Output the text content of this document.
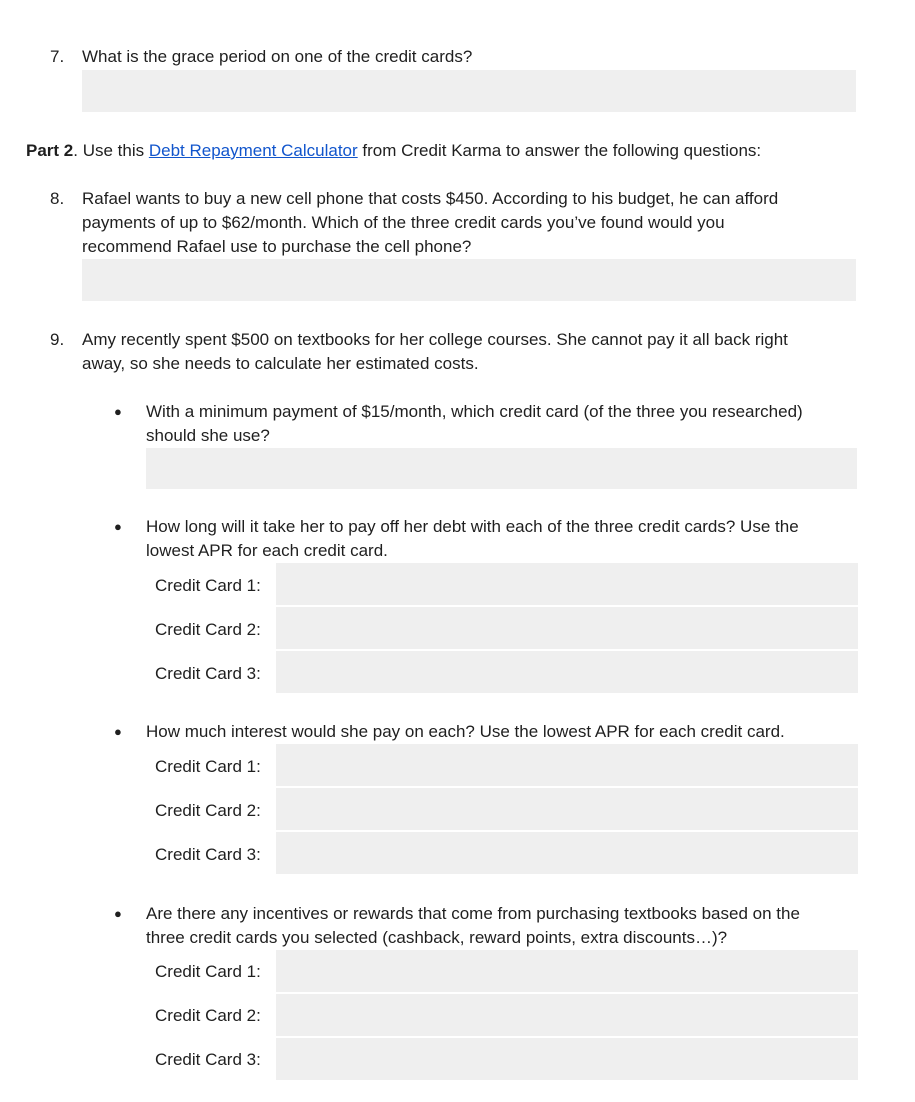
7. What is the grace period on one of the credit cards?
Part 2. Use this Debt Repayment Calculator from Credit Karma to answer the following questions:
8. Rafael wants to buy a new cell phone that costs $450. According to his budget, he can afford
payments of up to $62/month. Which of the three credit cards you’ve found would you
recommend Rafael use to purchase the cell phone?
9. Amy recently spent $500 on textbooks for her college courses. She cannot pay it all back right
away, so she needs to calculate her estimated costs.
● With a minimum payment of $15/month, which credit card (of the three you researched)
should she use?
● How long will it take her to pay off her debt with each of the three credit cards? Use the
lowest APR for each credit card.
Credit Card 1:
Credit Card 2:
Credit Card 3:
● How much interest would she pay on each? Use the lowest APR for each credit card.
Credit Card 1:
Credit Card 2:
Credit Card 3:
● Are there any incentives or rewards that come from purchasing textbooks based on the
three credit cards you selected (cashback, reward points, extra discounts…)?
Credit Card 1:
Credit Card 2:
Credit Card 3:
